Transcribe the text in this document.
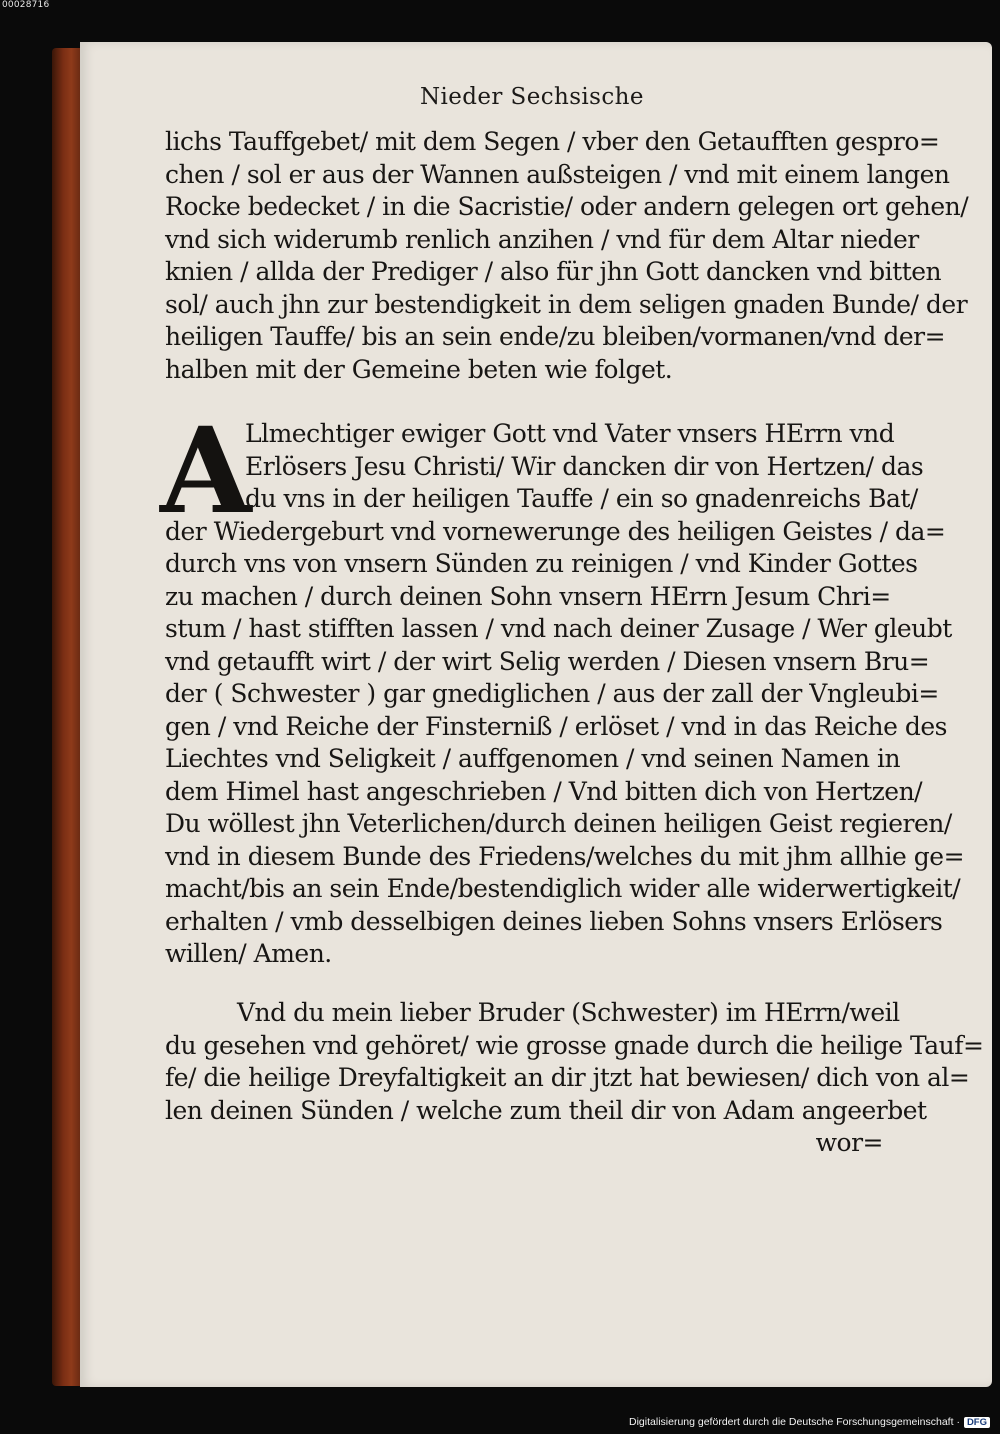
00028716
Nieder Sechsische
lichs Tauffgebet/ mit dem Segen / vber den Getaufften gespro=
chen / sol er aus der Wannen außsteigen / vnd mit einem langen
Rocke bedecket / in die Sacristie/ oder andern gelegen ort gehen/
vnd sich widerumb renlich anzihen / vnd für dem Altar nieder
knien / allda der Prediger / also für jhn Gott dancken vnd bitten
sol/ auch jhn zur bestendigkeit in dem seligen gnaden Bunde/ der
heiligen Tauffe/ bis an sein ende/zu bleiben/vormanen/vnd der=
halben mit der Gemeine beten wie folget.
A
Llmechtiger ewiger Gott vnd Vater vnsers HErrn vnd
Erlösers Jesu Christi/ Wir dancken dir von Hertzen/ das
du vns in der heiligen Tauffe / ein so gnadenreichs Bat/
der Wiedergeburt vnd vornewerunge des heiligen Geistes / da=
durch vns von vnsern Sünden zu reinigen / vnd Kinder Gottes
zu machen / durch deinen Sohn vnsern HErrn Jesum Chri=
stum / hast stifften lassen / vnd nach deiner Zusage / Wer gleubt
vnd getaufft wirt / der wirt Selig werden / Diesen vnsern Bru=
der ( Schwester ) gar gnediglichen / aus der zall der Vngleubi=
gen / vnd Reiche der Finsterniß / erlöset / vnd in das Reiche des
Liechtes vnd Seligkeit / auffgenomen / vnd seinen Namen in
dem Himel hast angeschrieben / Vnd bitten dich von Hertzen/
Du wöllest jhn Veterlichen/durch deinen heiligen Geist regieren/
vnd in diesem Bunde des Friedens/welches du mit jhm allhie ge=
macht/bis an sein Ende/bestendiglich wider alle widerwertigkeit/
erhalten / vmb desselbigen deines lieben Sohns vnsers Erlösers
willen/ Amen.
Vnd du mein lieber Bruder (Schwester) im HErrn/weil
du gesehen vnd gehöret/ wie grosse gnade durch die heilige Tauf=
fe/ die heilige Dreyfaltigkeit an dir jtzt hat bewiesen/ dich von al=
len deinen Sünden / welche zum theil dir von Adam angeerbet
wor=
Digitalisierung gefördert durch die Deutsche Forschungsgemeinschaft · DFG
